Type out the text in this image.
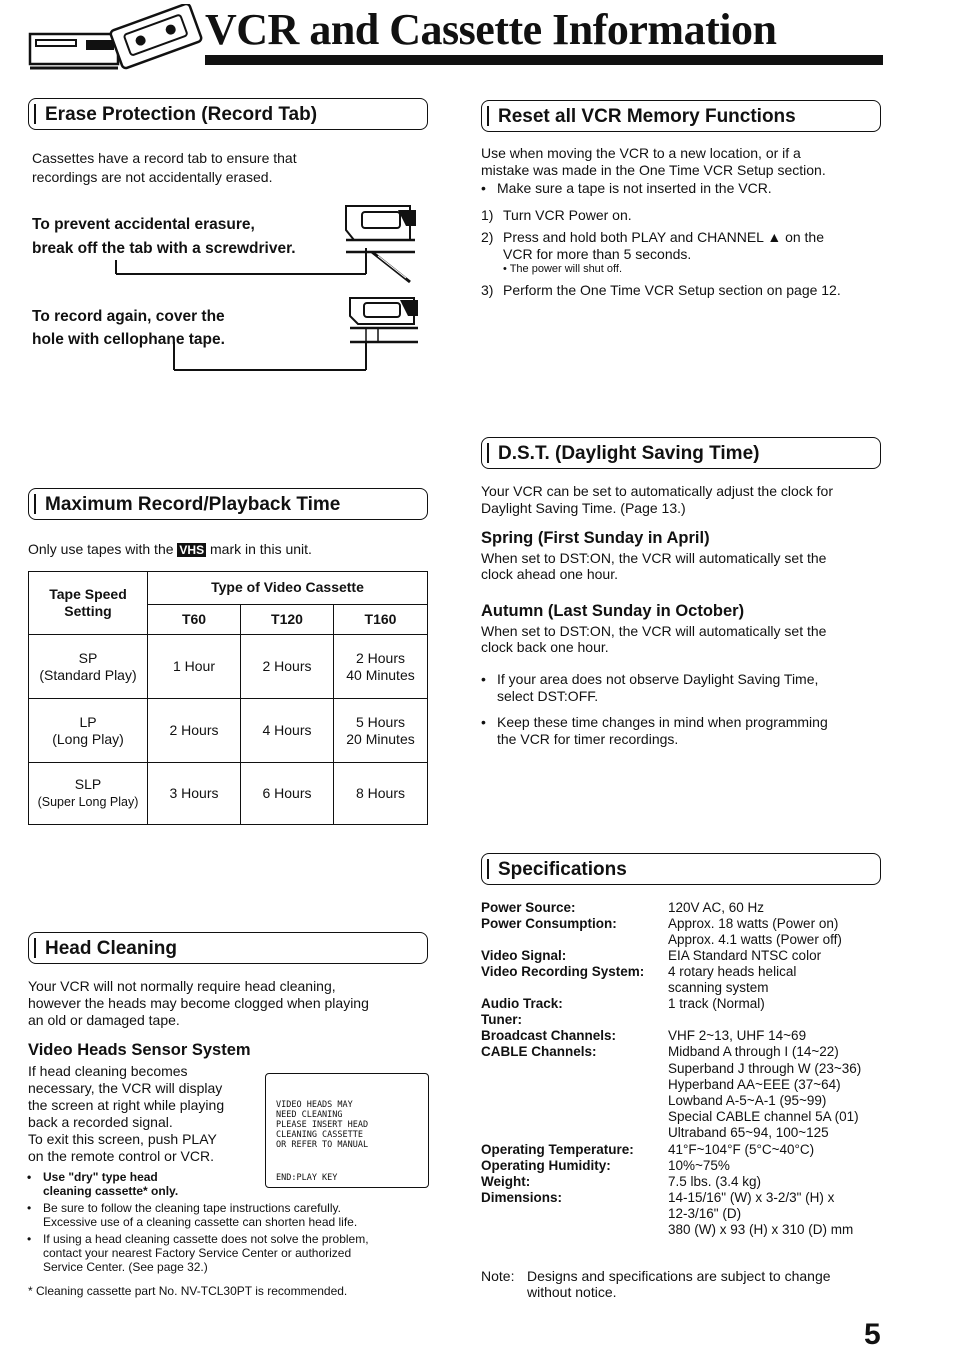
VCR and Cassette Information
Erase Protection (Record Tab)
Cassettes have a record tab to ensure that
recordings are not accidentally erased.
To prevent accidental erasure,
break off the tab with a screwdriver.
To record again, cover the
hole with cellophane tape.
Maximum Record/Playback Time
Only use tapes with the VHS mark in this unit.
Tape Speed Setting	Type of Video Cassette		
	T60	T120	T160
SP
(Standard Play)	1 Hour	2 Hours	2 Hours
40 Minutes
LP
(Long Play)	2 Hours	4 Hours	5 Hours
20 Minutes
SLP
(Super Long Play)	3 Hours	6 Hours	8 Hours
Head Cleaning
Your VCR will not normally require head cleaning,
however the heads may become clogged when playing
an old or damaged tape.
Video Heads Sensor System
If head cleaning becomes
necessary, the VCR will display
the screen at right while playing
back a recorded signal.
To exit this screen, push PLAY
on the remote control or VCR.
VIDEO HEADS MAY
NEED CLEANING
PLEASE INSERT HEAD
CLEANING CASSETTE
OR REFER TO MANUAL
END:PLAY KEY
• Use "dry" type head
cleaning cassette* only.
• Be sure to follow the cleaning tape instructions carefully.
Excessive use of a cleaning cassette can shorten head life.
• If using a head cleaning cassette does not solve the problem,
contact your nearest Factory Service Center or authorized
Service Center. (See page 32.)
* Cleaning cassette part No. NV-TCL30PT is recommended.
Reset all VCR Memory Functions
Use when moving the VCR to a new location, or if a
mistake was made in the One Time VCR Setup section.
• Make sure a tape is not inserted in the VCR.
1) Turn VCR Power on.
2) Press and hold both PLAY and CHANNEL ▲ on the
VCR for more than 5 seconds.
• The power will shut off.
3) Perform the One Time VCR Setup section on page 12.
D.S.T. (Daylight Saving Time)
Your VCR can be set to automatically adjust the clock for
Daylight Saving Time. (Page 13.)
Spring (First Sunday in April)
When set to DST:ON, the VCR will automatically set the
clock ahead one hour.
Autumn (Last Sunday in October)
When set to DST:ON, the VCR will automatically set the
clock back one hour.
• If your area does not observe Daylight Saving Time,
select DST:OFF.
• Keep these time changes in mind when programming
the VCR for timer recordings.
Specifications
Power Source:	120V AC, 60 Hz
Power Consumption:	Approx. 18 watts (Power on)
Approx. 4.1 watts (Power off)
Video Signal:	EIA Standard NTSC color
Video Recording System: 4 rotary heads helical
scanning system
Audio Track:	1 track (Normal)
Tuner:
Broadcast Channels:	VHF 2~13, UHF 14~69
CABLE Channels:	Midband A through I (14~22)
Superband J through W (23~36)
Hyperband AA~EEE (37~64)
Lowband A-5~A-1 (95~99)
Special CABLE channel 5A (01)
Ultraband 65~94, 100~125
Operating Temperature:	41°F~104°F (5°C~40°C)
Operating Humidity:	10%~75%
Weight:	7.5 lbs. (3.4 kg)
Dimensions:	14-15/16" (W) x 3-2/3" (H) x
12-3/16" (D)
380 (W) x 93 (H) x 310 (D) mm
Note: Designs and specifications are subject to change
without notice.
5
